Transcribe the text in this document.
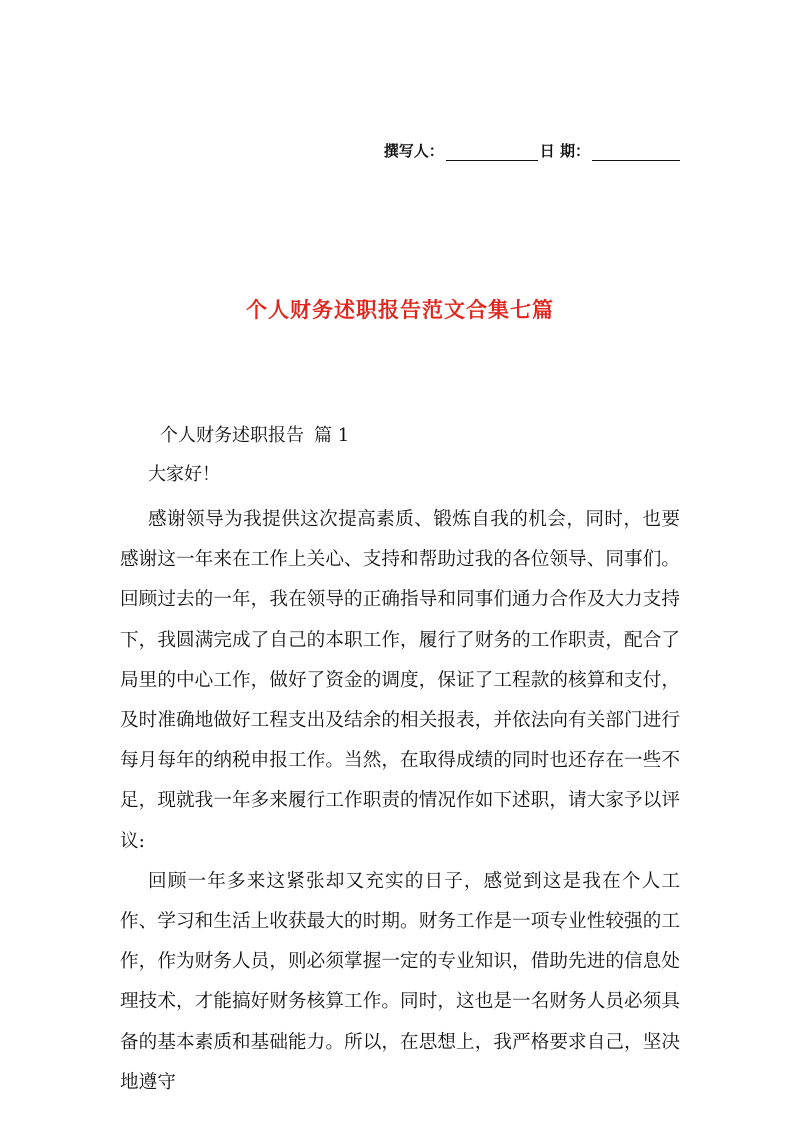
撰写人：	日 期：
个人财务述职报告范文合集七篇
个人财务述职报告 篇 1
大家好！

感谢领导为我提供这次提高素质、锻炼自我的机会，同时，也要感谢这一年来在工作上关心、支持和帮助过我的各位领导、同事们。回顾过去的一年，我在领导的正确指导和同事们通力合作及大力支持下，我圆满完成了自己的本职工作，履行了财务的工作职责，配合了局里的中心工作，做好了资金的调度，保证了工程款的核算和支付，及时准确地做好工程支出及结余的相关报表，并依法向有关部门进行每月每年的纳税申报工作。当然，在取得成绩的同时也还存在一些不足，现就我一年多来履行工作职责的情况作如下述职，请大家予以评议:

回顾一年多来这紧张却又充实的日子，感觉到这是我在个人工作、学习和生活上收获最大的时期。财务工作是一项专业性较强的工作，作为财务人员，则必须掌握一定的专业知识，借助先进的信息处理技术，才能搞好财务核算工作。同时，这也是一名财务人员必须具备的基本素质和基础能力。所以，在思想上，我严格要求自己，坚决地遵守
